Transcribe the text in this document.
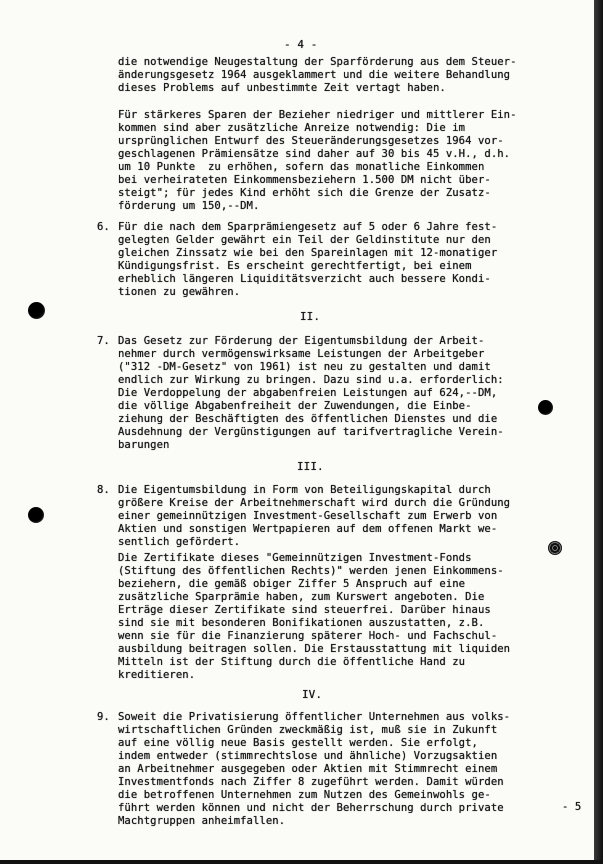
- 4 -

die notwendige Neugestaltung der Sparförderung aus dem Steuer-

änderungsgesetz 1964 ausgeklammert und die weitere Behandlung

dieses Problems auf unbestimmte Zeit vertagt haben.

Für stärkeres Sparen der Bezieher niedriger und mittlerer Ein-

kommen sind aber zusätzliche Anreize notwendig: Die im

ursprünglichen Entwurf des Steueränderungsgesetzes 1964 vor-

geschlagenen Prämiensätze sind daher auf 30 bis 45 v.H., d.h.

um 10 Punkte  zu erhöhen, sofern das monatliche Einkommen

bei verheirateten Einkommensbeziehern 1.500 DM nicht über-

steigt"; für jedes Kind erhöht sich die Grenze der Zusatz-

förderung um 150,--DM.

6. Für die nach dem Sparprämiengesetz auf 5 oder 6 Jahre fest-

gelegten Gelder gewährt ein Teil der Geldinstitute nur den

gleichen Zinssatz wie bei den Spareinlagen mit 12-monatiger

Kündigungsfrist. Es erscheint gerechtfertigt, bei einem

erheblich längeren Liquiditätsverzicht auch bessere Kondi-

tionen zu gewähren.

II.

7. Das Gesetz zur Förderung der Eigentumsbildung der Arbeit-

nehmer durch vermögenswirksame Leistungen der Arbeitgeber

("312 -DM-Gesetz" von 1961) ist neu zu gestalten und damit

endlich zur Wirkung zu bringen. Dazu sind u.a. erforderlich:

Die Verdoppelung der abgabenfreien Leistungen auf 624,--DM,

die völlige Abgabenfreiheit der Zuwendungen, die Einbe-

ziehung der Beschäftigten des öffentlichen Dienstes und die

Ausdehnung der Vergünstigungen auf tarifvertragliche Verein-

barungen

III.

8. Die Eigentumsbildung in Form von Beteiligungskapital durch

größere Kreise der Arbeitnehmerschaft wird durch die Gründung

einer gemeinnützigen Investment-Gesellschaft zum Erwerb von

Aktien und sonstigen Wertpapieren auf dem offenen Markt we-

sentlich gefördert.

Die Zertifikate dieses "Gemeinnützigen Investment-Fonds

(Stiftung des öffentlichen Rechts)" werden jenen Einkommens-

beziehern, die gemäß obiger Ziffer 5 Anspruch auf eine

zusätzliche Sparprämie haben, zum Kurswert angeboten. Die

Erträge dieser Zertifikate sind steuerfrei. Darüber hinaus

sind sie mit besonderen Bonifikationen auszustatten, z.B.

wenn sie für die Finanzierung späterer Hoch- und Fachschul-

ausbildung beitragen sollen. Die Erstausstattung mit liquiden

Mitteln ist der Stiftung durch die öffentliche Hand zu

kreditieren.

IV.

9. Soweit die Privatisierung öffentlicher Unternehmen aus volks-

wirtschaftlichen Gründen zweckmäßig ist, muß sie in Zukunft

auf eine völlig neue Basis gestellt werden. Sie erfolgt,

indem entweder (stimmrechtslose und ähnliche) Vorzugsaktien

an Arbeitnehmer ausgegeben oder Aktien mit Stimmrecht einem

Investmentfonds nach Ziffer 8 zugeführt werden. Damit würden

die betroffenen Unternehmen zum Nutzen des Gemeinwohls ge-

führt werden können und nicht der Beherrschung durch private

Machtgruppen anheimfallen.

- 5
